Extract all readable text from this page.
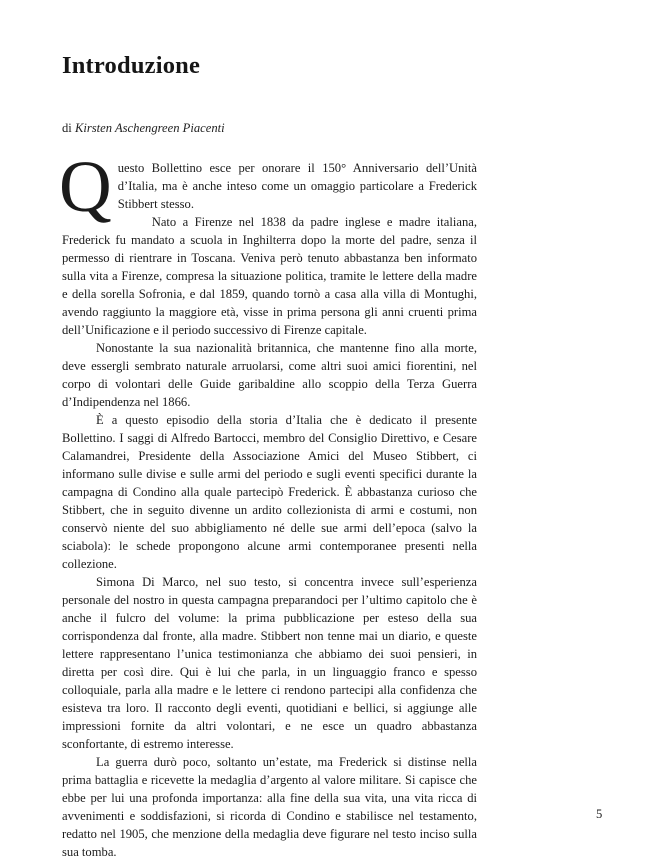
Introduzione

di Kirsten Aschengreen Piacenti

Questo Bollettino esce per onorare il 150° Anniversario dell’Unità d’Italia, ma è anche inteso come un omaggio particolare a Frederick Stibbert stesso.

Nato a Firenze nel 1838 da padre inglese e madre italiana, Frederick fu mandato a scuola in Inghilterra dopo la morte del padre, senza il permesso di rientrare in Toscana. Veniva però tenuto abbastanza ben informato sulla vita a Firenze, compresa la situazione politica, tramite le lettere della madre e della sorella Sofronia, e dal 1859, quando tornò a casa alla villa di Montughi, avendo raggiunto la maggiore età, visse in prima persona gli anni cruenti prima dell’Unificazione e il periodo successivo di Firenze capitale.

Nonostante la sua nazionalità britannica, che mantenne fino alla morte, deve essergli sembrato naturale arruolarsi, come altri suoi amici fiorentini, nel corpo di volontari delle Guide garibaldine allo scoppio della Terza Guerra d’Indipendenza nel 1866.

È a questo episodio della storia d’Italia che è dedicato il presente Bollettino. I saggi di Alfredo Bartocci, membro del Consiglio Direttivo, e Cesare Calamandrei, Presidente della Associazione Amici del Museo Stibbert, ci informano sulle divise e sulle armi del periodo e sugli eventi specifici durante la campagna di Condino alla quale partecipò Frederick. È abbastanza curioso che Stibbert, che in seguito divenne un ardito collezionista di armi e costumi, non conservò niente del suo abbigliamento né delle sue armi dell’epoca (salvo la sciabola): le schede propongono alcune armi contemporanee presenti nella collezione.

Simona Di Marco, nel suo testo, si concentra invece sull’esperienza personale del nostro in questa campagna preparandoci per l’ultimo capitolo che è anche il fulcro del volume: la prima pubblicazione per esteso della sua corrispondenza dal fronte, alla madre. Stibbert non tenne mai un diario, e queste lettere rappresentano l’unica testimonianza che abbiamo dei suoi pensieri, in diretta per così dire. Qui è lui che parla, in un linguaggio franco e spesso colloquiale, parla alla madre e le lettere ci rendono partecipi alla confidenza che esisteva tra loro. Il racconto degli eventi, quotidiani e bellici, si aggiunge alle impressioni fornite da altri volontari, e ne esce un quadro abbastanza sconfortante, di estremo interesse.

La guerra durò poco, soltanto un’estate, ma Frederick si distinse nella prima battaglia e ricevette la medaglia d’argento al valore militare. Si capisce che ebbe per lui una profonda importanza: alla fine della sua vita, una vita ricca di avvenimenti e soddisfazioni, si ricorda di Condino e stabilisce nel testamento, redatto nel 1905, che menzione della medaglia deve figurare nel testo inciso sulla sua tomba.

5
